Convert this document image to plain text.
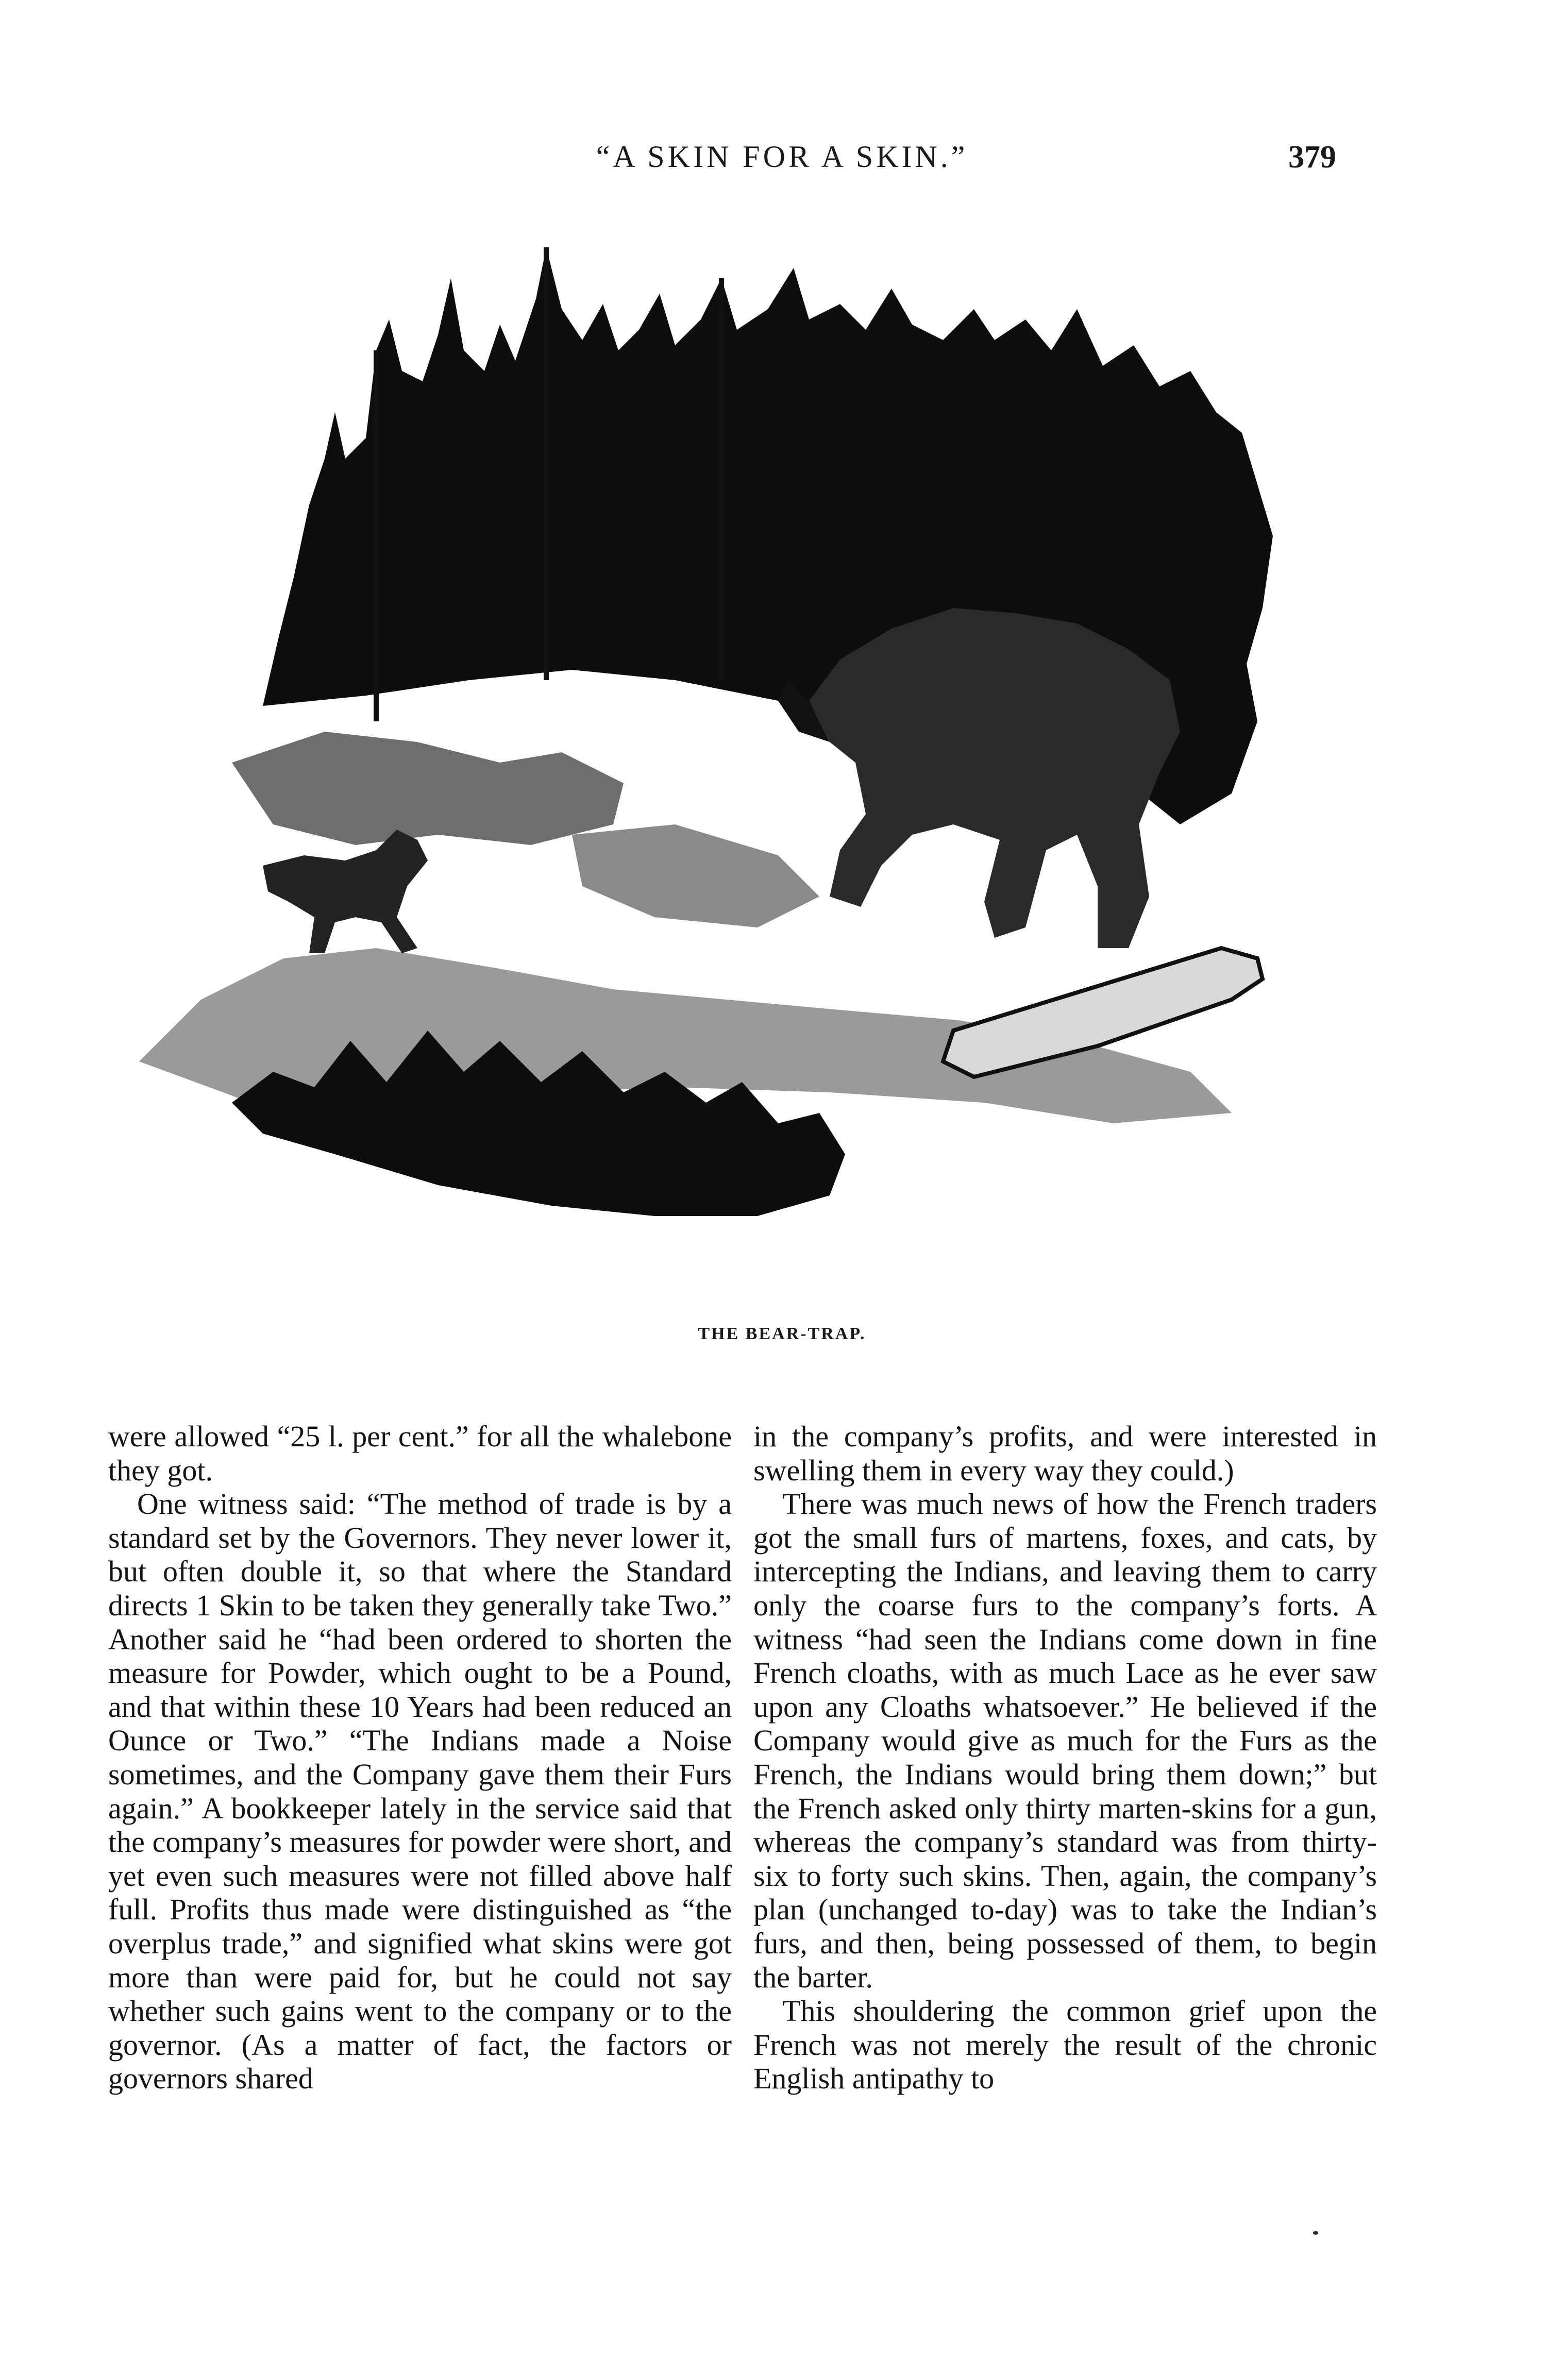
“A SKIN FOR A SKIN.”	379
THE BEAR-TRAP.

were allowed “25 l. per cent.” for all the whalebone they got.

One witness said: “The method of trade is by a standard set by the Governors. They never lower it, but often double it, so that where the Standard directs 1 Skin to be taken they generally take Two.” Another said he “had been ordered to shorten the measure for Powder, which ought to be a Pound, and that within these 10 Years had been reduced an Ounce or Two.” “The Indians made a Noise sometimes, and the Company gave them their Furs again.” A bookkeeper lately in the service said that the company’s measures for powder were short, and yet even such measures were not filled above half full. Profits thus made were distinguished as “the overplus trade,” and signified what skins were got more than were paid for, but he could not say whether such gains went to the company or to the governor. (As a matter of fact, the factors or governors shared

in the company’s profits, and were interested in swelling them in every way they could.)

There was much news of how the French traders got the small furs of martens, foxes, and cats, by intercepting the Indians, and leaving them to carry only the coarse furs to the company’s forts. A witness “had seen the Indians come down in fine French cloaths, with as much Lace as he ever saw upon any Cloaths whatsoever.” He believed if the Company would give as much for the Furs as the French, the Indians would bring them down;” but the French asked only thirty marten-skins for a gun, whereas the company’s standard was from thirty-six to forty such skins. Then, again, the company’s plan (unchanged to-day) was to take the Indian’s furs, and then, being possessed of them, to begin the barter.

This shouldering the common grief upon the French was not merely the result of the chronic English antipathy to
